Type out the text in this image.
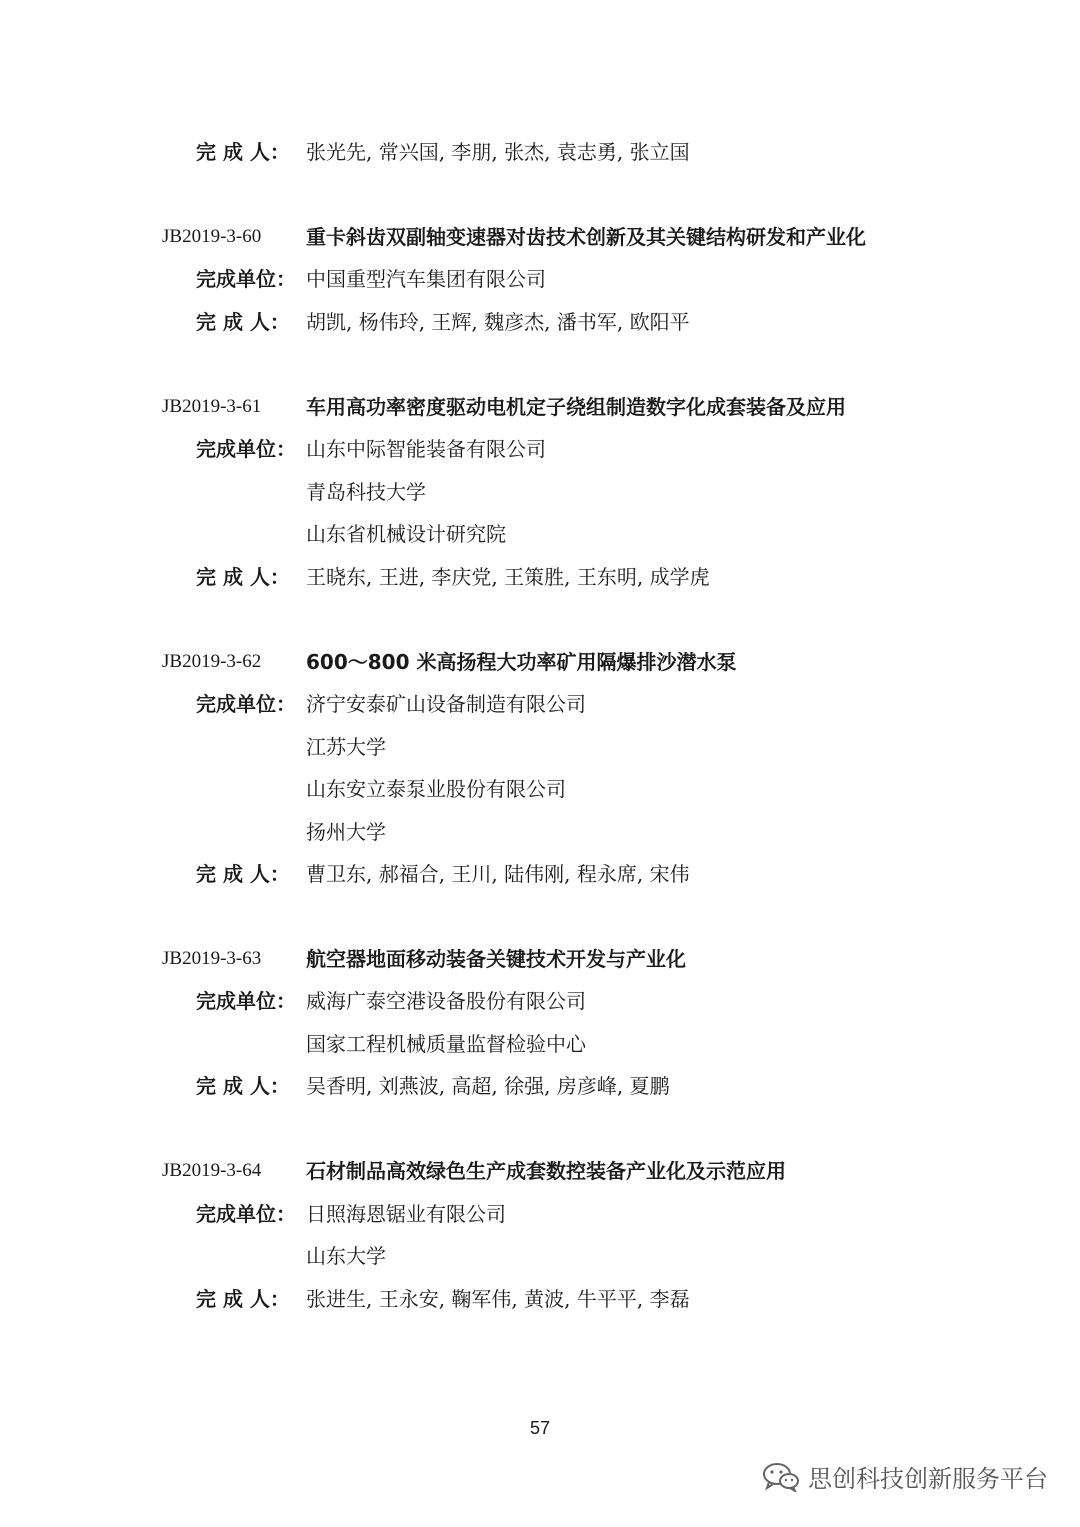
完 成 人： 张光先, 常兴国, 李朋, 张杰, 袁志勇, 张立国
JB2019-3-60 重卡斜齿双副轴变速器对齿技术创新及其关键结构研发和产业化
完成单位： 中国重型汽车集团有限公司
完 成 人： 胡凯, 杨伟玲, 王辉, 魏彦杰, 潘书军, 欧阳平
JB2019-3-61 车用高功率密度驱动电机定子绕组制造数字化成套装备及应用
完成单位： 山东中际智能装备有限公司
青岛科技大学
山东省机械设计研究院
完 成 人： 王晓东, 王进, 李庆党, 王策胜, 王东明, 成学虎
JB2019-3-62 600～800 米高扬程大功率矿用隔爆排沙潜水泵
完成单位： 济宁安泰矿山设备制造有限公司
江苏大学
山东安立泰泵业股份有限公司
扬州大学
完 成 人： 曹卫东, 郝福合, 王川, 陆伟刚, 程永席, 宋伟
JB2019-3-63 航空器地面移动装备关键技术开发与产业化
完成单位： 威海广泰空港设备股份有限公司
国家工程机械质量监督检验中心
完 成 人： 吴香明, 刘燕波, 高超, 徐强, 房彦峰, 夏鹏
JB2019-3-64 石材制品高效绿色生产成套数控装备产业化及示范应用
完成单位： 日照海恩锯业有限公司
山东大学
完 成 人： 张进生, 王永安, 鞠军伟, 黄波, 牛平平, 李磊
57
思创科技创新服务平台
